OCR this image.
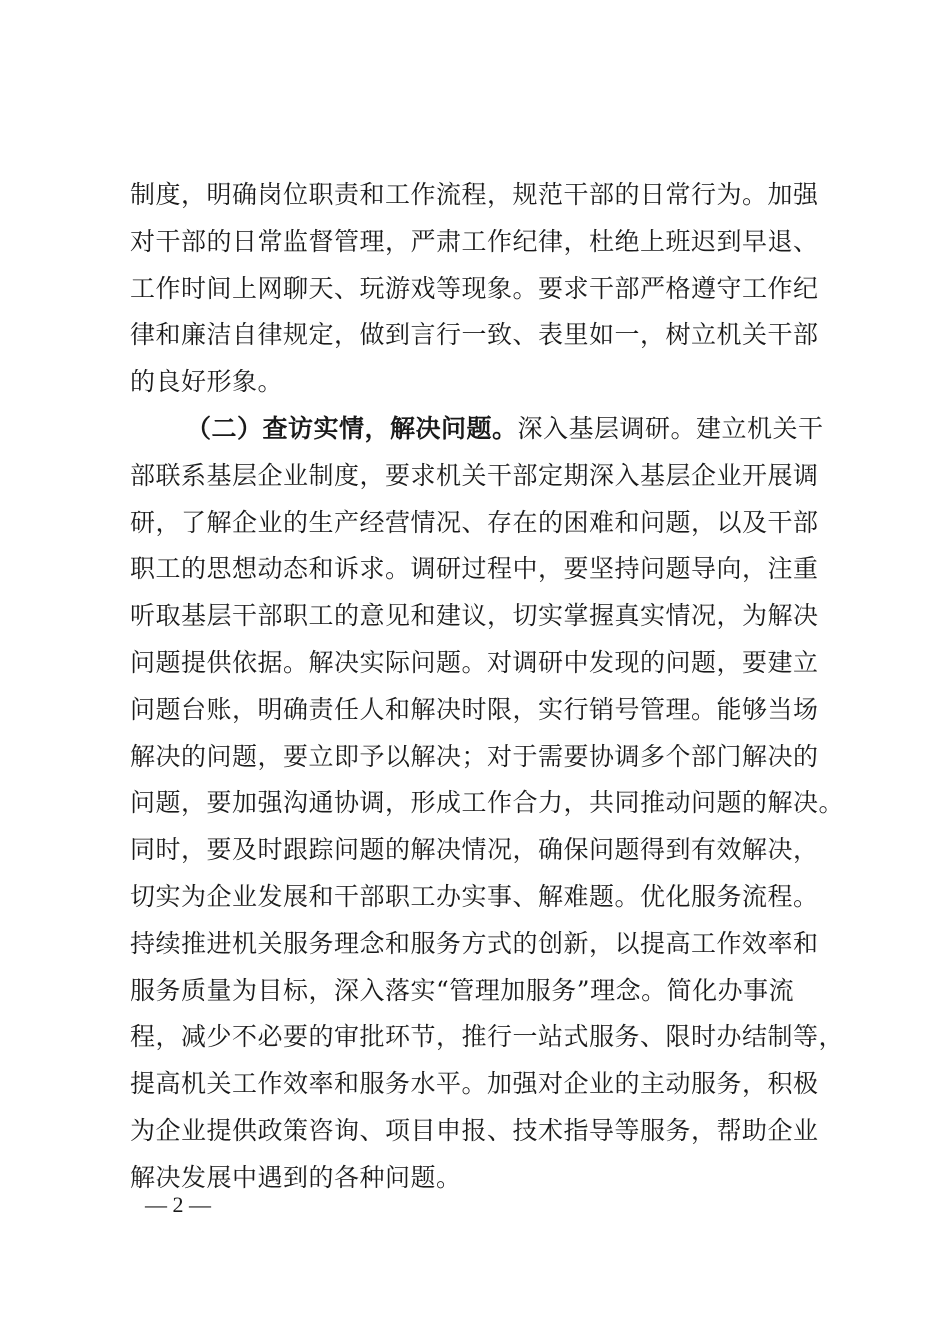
制度，明确岗位职责和工作流程，规范干部的日常行为。加强
对干部的日常监督管理，严肃工作纪律，杜绝上班迟到早退、
工作时间上网聊天、玩游戏等现象。要求干部严格遵守工作纪
律和廉洁自律规定，做到言行一致、表里如一，树立机关干部
的良好形象。
（二）查访实情，解决问题。深入基层调研。建立机关干
部联系基层企业制度，要求机关干部定期深入基层企业开展调
研，了解企业的生产经营情况、存在的困难和问题，以及干部
职工的思想动态和诉求。调研过程中，要坚持问题导向，注重
听取基层干部职工的意见和建议，切实掌握真实情况，为解决
问题提供依据。解决实际问题。对调研中发现的问题，要建立
问题台账，明确责任人和解决时限，实行销号管理。能够当场
解决的问题，要立即予以解决；对于需要协调多个部门解决的
问题，要加强沟通协调，形成工作合力，共同推动问题的解决。
同时，要及时跟踪问题的解决情况，确保问题得到有效解决，
切实为企业发展和干部职工办实事、解难题。优化服务流程。
持续推进机关服务理念和服务方式的创新，以提高工作效率和
服务质量为目标，深入落实“管理加服务”理念。简化办事流
程，减少不必要的审批环节，推行一站式服务、限时办结制等，
提高机关工作效率和服务水平。加强对企业的主动服务，积极
为企业提供政策咨询、项目申报、技术指导等服务，帮助企业
解决发展中遇到的各种问题。
— 2 —
